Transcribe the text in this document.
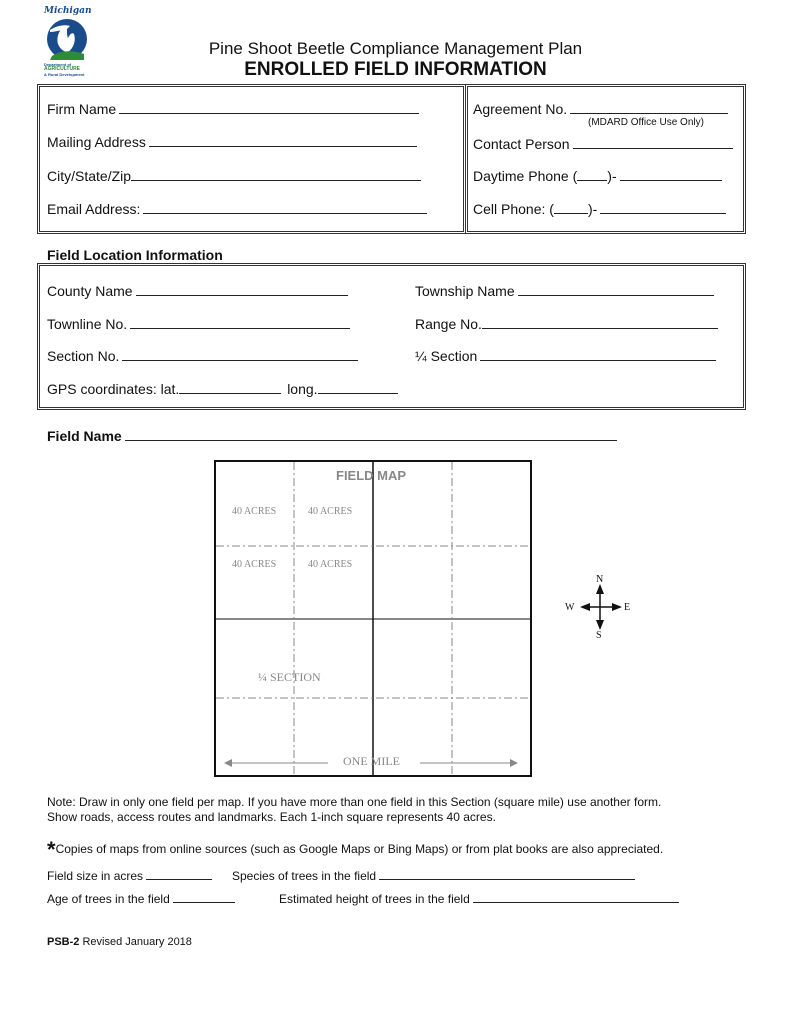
Michigan
Department of
AGRICULTURE
& Rural Development
Pine Shoot Beetle Compliance Management Plan
ENROLLED FIELD INFORMATION
Firm Name
Mailing Address
City/State/Zip
Email Address:
Agreement No.
(MDARD Office Use Only)
Contact Person
Daytime Phone ( )-
Cell Phone: ( )-
Field Location Information
County Name	Township Name
Townline No.	Range No.
Section No.	¼ Section
GPS coordinates: lat.	long.
Field Name
FIELD MAP
40 ACRES	40 ACRES
40 ACRES	40 ACRES
¼ SECTION
ONE MILE
N
S
W	E
Note: Draw in only one field per map. If you have more than one field in this Section (square mile) use another form.
Show roads, access routes and landmarks. Each 1-inch square represents 40 acres.
*Copies of maps from online sources (such as Google Maps or Bing Maps) or from plat books are also appreciated.
Field size in acres	Species of trees in the field
Age of trees in the field	Estimated height of trees in the field
PSB-2 Revised January 2018
